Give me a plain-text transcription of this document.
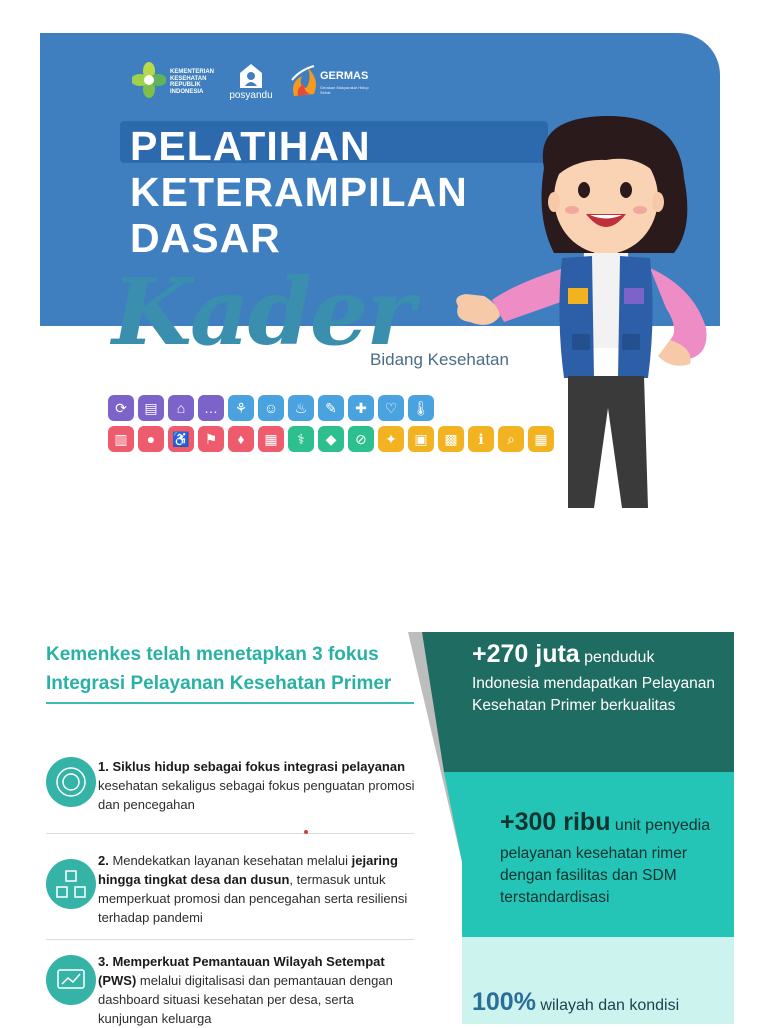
KEMENTERIAN
KESEHATAN
REPUBLIK
INDONESIA	posyandu
GERMAS
Gerakan Masyarakat Hidup Sehat
PELATIHAN
KETERAMPILAN
DASAR
Kader
Bidang Kesehatan
⟳	▤	⌂	…	⚘	☺	♨	✎	✚	♡	🌡
▥	●	♿	⚑	♦	▦	⚕	◆	⊘	✦	▣	▩	ℹ	⌕	▦
Kemenkes telah menetapkan 3 fokus
Integrasi Pelayanan Kesehatan Primer
1. Siklus hidup sebagai fokus integrasi pelayanan kesehatan sekaligus sebagai fokus penguatan promosi dan pencegahan
2. Mendekatkan layanan kesehatan melalui jejaring hingga tingkat desa dan dusun, termasuk untuk memperkuat promosi dan pencegahan serta resiliensi terhadap pandemi
3. Memperkuat Pemantauan Wilayah Setempat (PWS) melalui digitalisasi dan pemantauan dengan dashboard situasi kesehatan per desa, serta kunjungan keluarga
+270 juta penduduk
Indonesia mendapatkan Pelayanan Kesehatan Primer berkualitas
+300 ribu unit penyedia
pelayanan kesehatan rimer dengan fasilitas dan SDM terstandardisasi
100% wilayah dan kondisi
